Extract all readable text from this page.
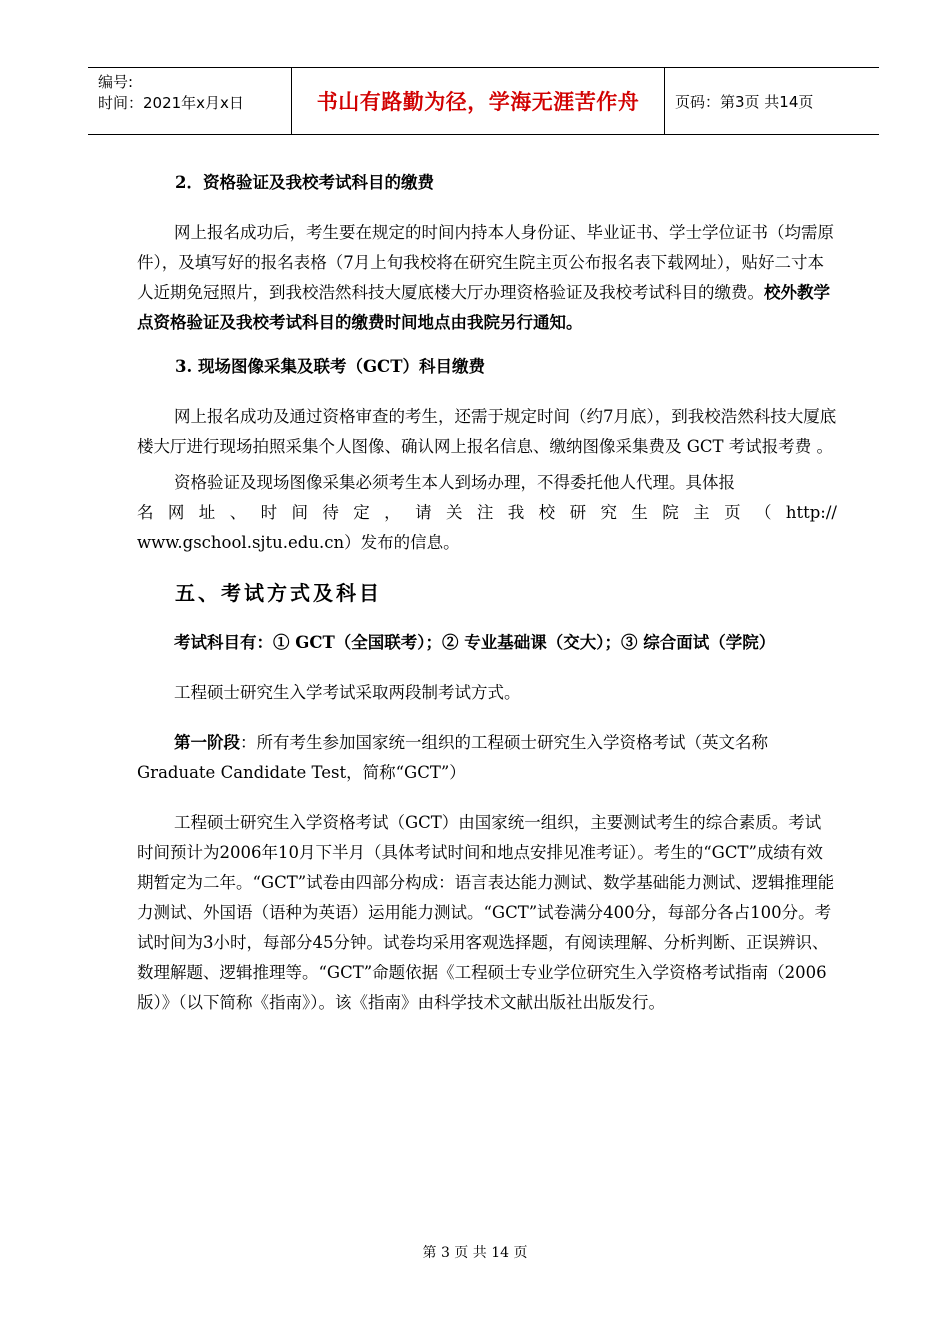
编号:
时间：2021年x月x日	书山有路勤为径，学海无涯苦作舟	页码：第3页 共14页

2．资格验证及我校考试科目的缴费

网上报名成功后，考生要在规定的时间内持本人身份证、毕业证书、学士学位证书（均需原件），及填写好的报名表格（7月上旬我校将在研究生院主页公布报名表下载网址），贴好二寸本人近期免冠照片，到我校浩然科技大厦底楼大厅办理资格验证及我校考试科目的缴费。校外教学点资格验证及我校考试科目的缴费时间地点由我院另行通知。

3. 现场图像采集及联考（GCT）科目缴费

网上报名成功及通过资格审查的考生，还需于规定时间（约7月底），到我校浩然科技大厦底楼大厅进行现场拍照采集个人图像、确认网上报名信息、缴纳图像采集费及 GCT 考试报考费 。

资格验证及现场图像采集必须考生本人到场办理，不得委托他人代理。具体报

名网址、时间待定，请关注我校研究生院主页（http://

www.gschool.sjtu.edu.cn）发布的信息。

五、考试方式及科目

考试科目有：① GCT（全国联考）；② 专业基础课（交大）；③ 综合面试（学院）

工程硕士研究生入学考试采取两段制考试方式。

第一阶段：所有考生参加国家统一组织的工程硕士研究生入学资格考试（英文名称Graduate Candidate Test，简称“GCT”）

工程硕士研究生入学资格考试（GCT）由国家统一组织，主要测试考生的综合素质。考试时间预计为2006年10月下半月（具体考试时间和地点安排见准考证）。考生的“GCT”成绩有效期暂定为二年。“GCT”试卷由四部分构成：语言表达能力测试、数学基础能力测试、逻辑推理能力测试、外国语（语种为英语）运用能力测试。“GCT”试卷满分400分，每部分各占100分。考试时间为3小时，每部分45分钟。试卷均采用客观选择题，有阅读理解、分析判断、正误辨识、数理解题、逻辑推理等。“GCT”命题依据《工程硕士专业学位研究生入学资格考试指南（2006版）》（以下简称《指南》）。该《指南》由科学技术文献出版社出版发行。

第 3 页 共 14 页
